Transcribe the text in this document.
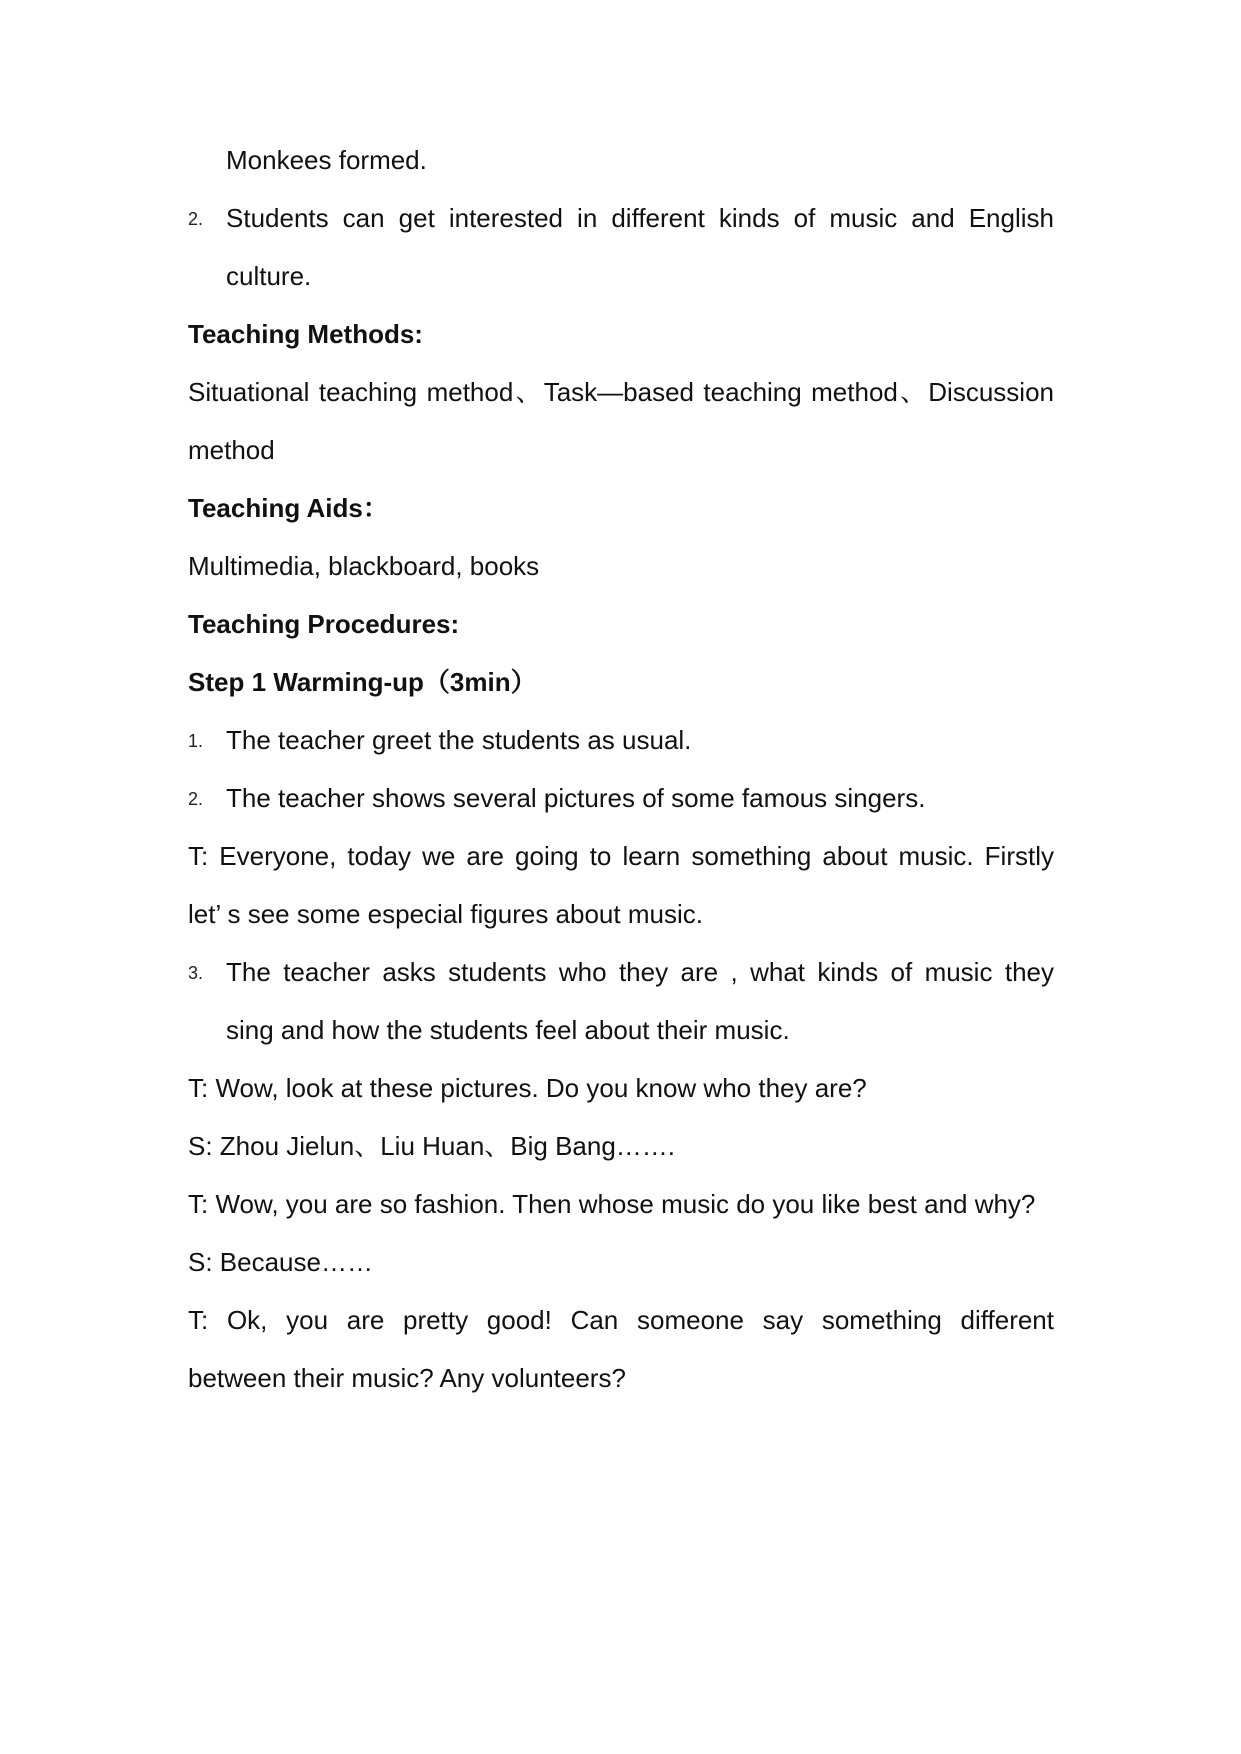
Monkees formed.
2. Students can get interested in different kinds of music and English
culture.
Teaching Methods:
Situational teaching method、Task—based teaching method、Discussion
method
Teaching Aids：
Multimedia, blackboard, books
Teaching Procedures:
Step 1 Warming-up（3min）
1. The teacher greet the students as usual.
2. The teacher shows several pictures of some famous singers.
T: Everyone, today we are going to learn something about music. Firstly
let’ s see some especial figures about music.
3. The teacher asks students who they are , what kinds of music they
sing and how the students feel about their music.
T: Wow, look at these pictures. Do you know who they are?
S: Zhou Jielun、Liu Huan、Big Bang…….
T: Wow, you are so fashion. Then whose music do you like best and why?
S: Because……
T: Ok, you are pretty good! Can someone say something different
between their music? Any volunteers?
